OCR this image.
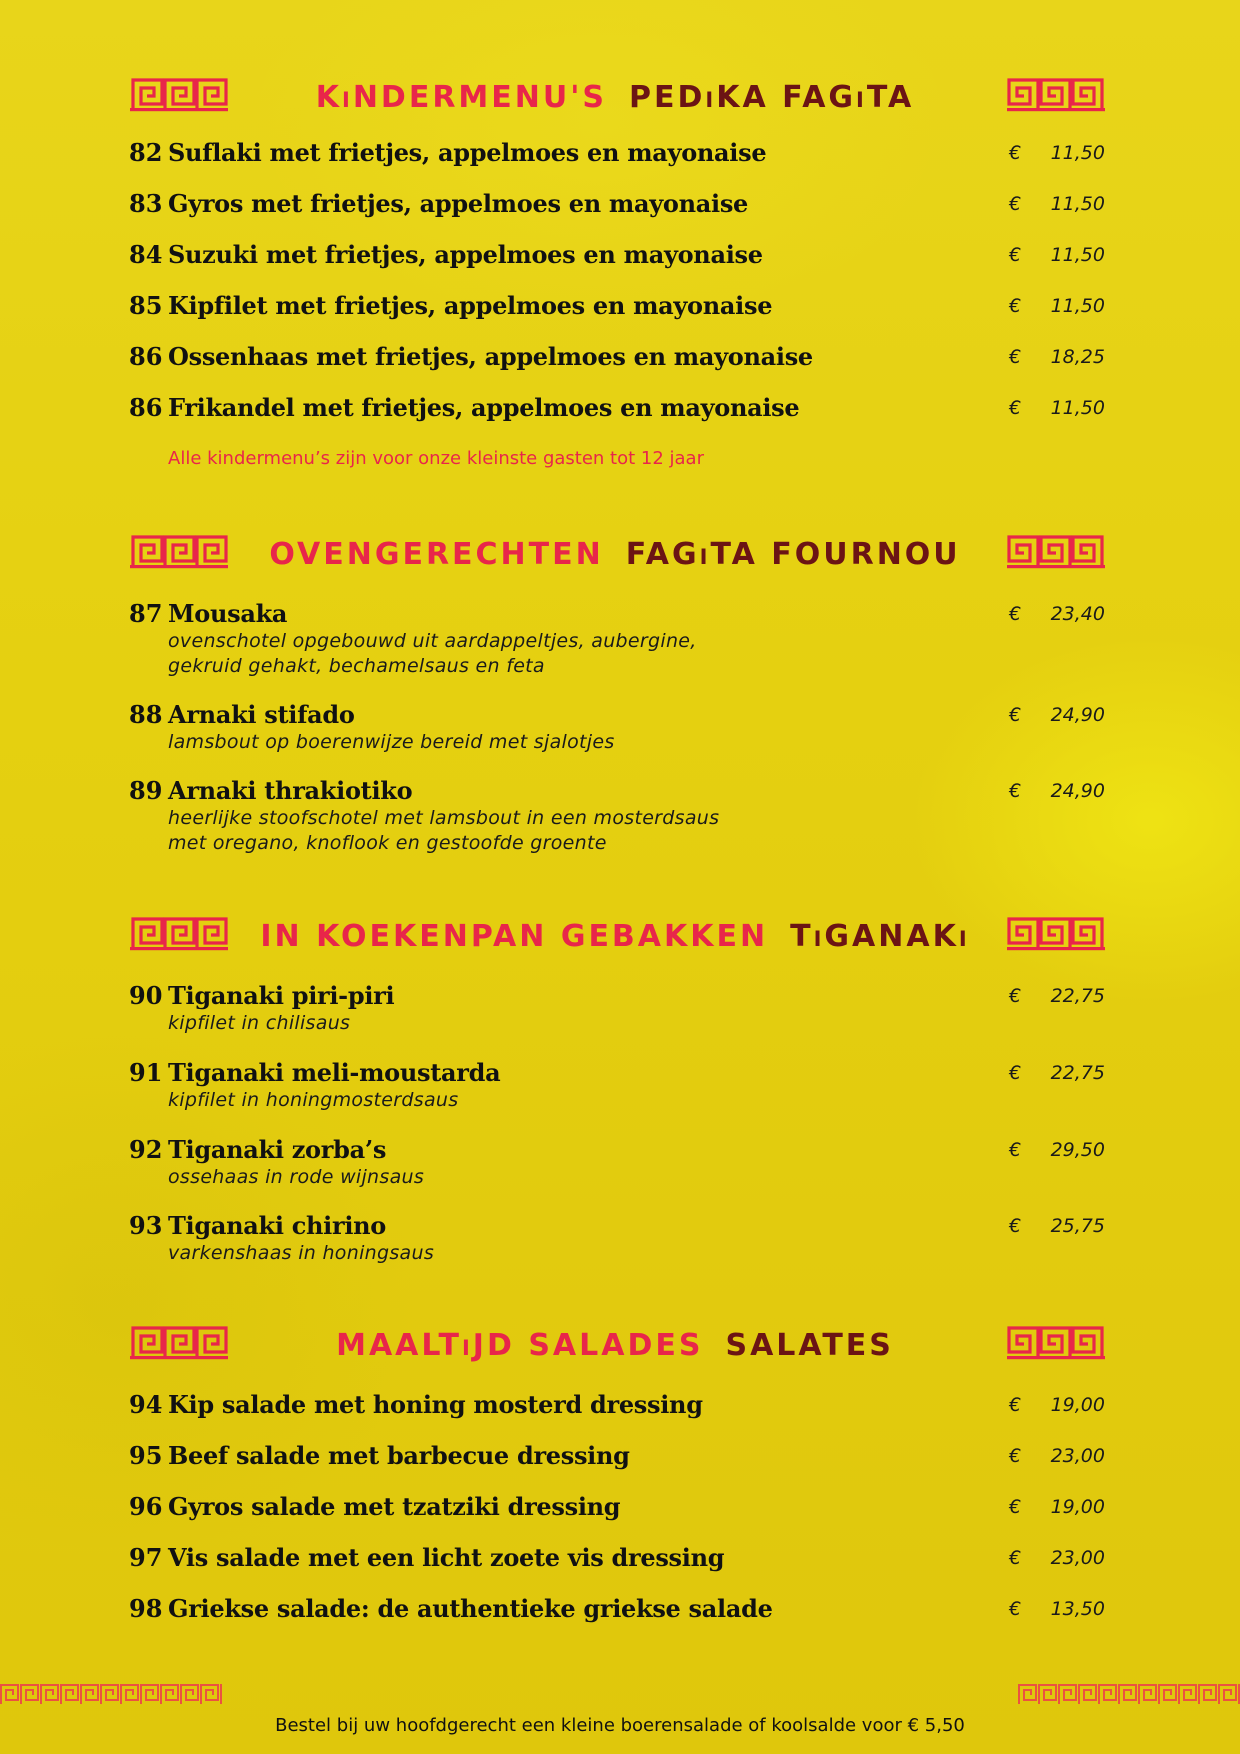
KiNDERMENU'S PEDiKA FAGiTA
82 Suflaki met frietjes, appelmoes en mayonaise	€	11,50
83 Gyros met frietjes, appelmoes en mayonaise	€	11,50
84 Suzuki met frietjes, appelmoes en mayonaise	€	11,50
85 Kipfilet met frietjes, appelmoes en mayonaise	€	11,50
86 Ossenhaas met frietjes, appelmoes en mayonaise	€	18,25
86 Frikandel met frietjes, appelmoes en mayonaise	€	11,50
Alle kindermenu’s zijn voor onze kleinste gasten tot 12 jaar
OVENGERECHTEN FAGiTA FOURNOU
87 Mousaka
ovenschotel opgebouwd uit aardappeltjes, aubergine,
gekruid gehakt, bechamelsaus en feta
€	23,40
88 Arnaki stifado
lamsbout op boerenwijze bereid met sjalotjes
€	24,90
89 Arnaki thrakiotiko
heerlijke stoofschotel met lamsbout in een mosterdsaus
met oregano, knoflook en gestoofde groente
€	24,90
IN KOEKENPAN GEBAKKEN TiGANAKi
90 Tiganaki piri-piri
kipfilet in chilisaus
€	22,75
91 Tiganaki meli-moustarda
kipfilet in honingmosterdsaus
€	22,75
92 Tiganaki zorba’s
ossehaas in rode wijnsaus
€	29,50
93 Tiganaki chirino
varkenshaas in honingsaus
€	25,75
MAALTiJD SALADES SALATES
94 Kip salade met honing mosterd dressing	€	19,00
95 Beef salade met barbecue dressing	€	23,00
96 Gyros salade met tzatziki dressing	€	19,00
97 Vis salade met een licht zoete vis dressing	€	23,00
98 Griekse salade: de authentieke griekse salade	€	13,50
Bestel bij uw hoofdgerecht een kleine boerensalade of koolsalde voor € 5,50
